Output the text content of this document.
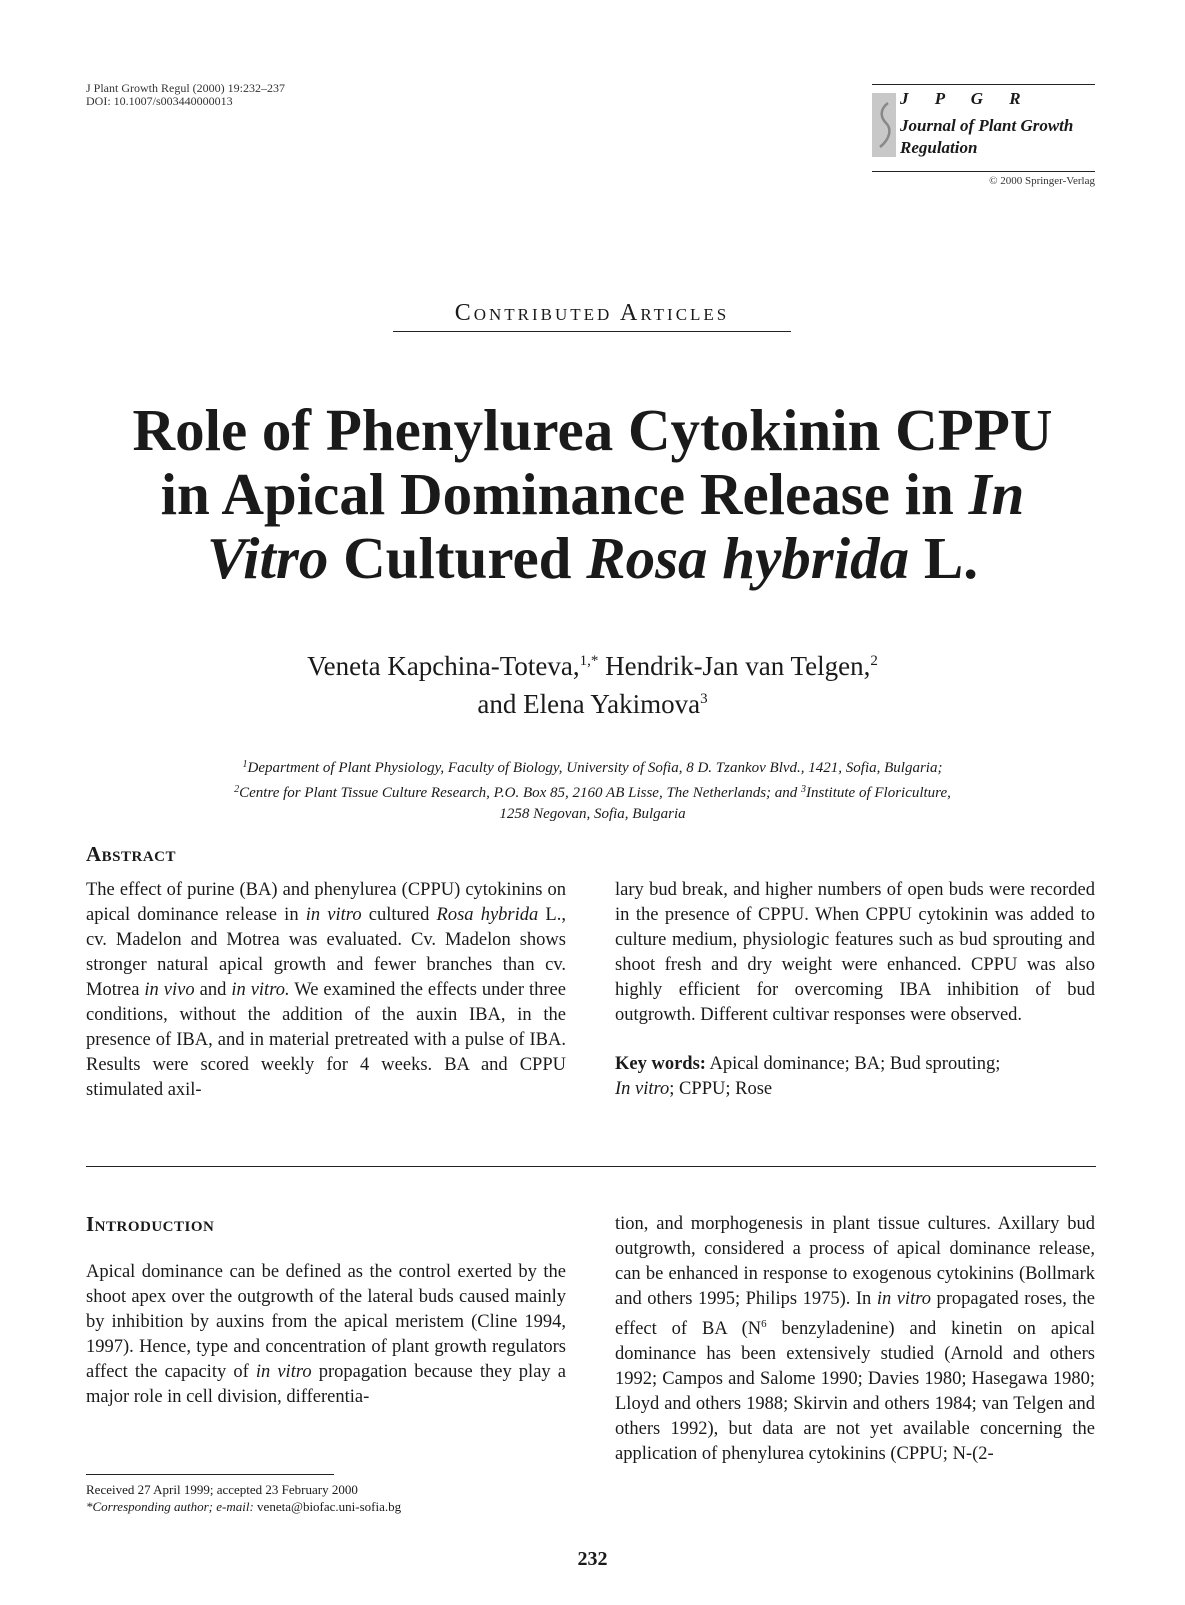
J Plant Growth Regul (2000) 19:232–237
DOI: 10.1007/s003440000013	J P G R
Journal of Plant Growth Regulation
© 2000 Springer-Verlag
Contributed Articles
Role of Phenylurea Cytokinin CPPU
in Apical Dominance Release in In
Vitro Cultured Rosa hybrida L.
Veneta Kapchina-Toteva,$^{1,*}$ Hendrik-Jan van Telgen,$^2$
and Elena Yakimova$^3$
$^1$Department of Plant Physiology, Faculty of Biology, University of Sofia, 8 D. Tzankov Blvd., 1421, Sofia, Bulgaria;
$^2$Centre for Plant Tissue Culture Research, P.O. Box 85, 2160 AB Lisse, The Netherlands; and $^3$Institute of Floriculture,
1258 Negovan, Sofia, Bulgaria
Abstract
The effect of purine (BA) and phenylurea (CPPU) cytokinins on apical dominance release in in vitro cultured Rosa hybrida L., cv. Madelon and Motrea was evaluated. Cv. Madelon shows stronger natural apical growth and fewer branches than cv. Motrea in vivo and in vitro. We examined the effects under three conditions, without the addition of the auxin IBA, in the presence of IBA, and in material pretreated with a pulse of IBA. Results were scored weekly for 4 weeks. BA and CPPU stimulated axil-
lary bud break, and higher numbers of open buds were recorded in the presence of CPPU. When CPPU cytokinin was added to culture medium, physiologic features such as bud sprouting and shoot fresh and dry weight were enhanced. CPPU was also highly efficient for overcoming IBA inhibition of bud outgrowth. Different cultivar responses were observed.
Key words: Apical dominance; BA; Bud sprouting;
In vitro; CPPU; Rose
Introduction
Apical dominance can be defined as the control exerted by the shoot apex over the outgrowth of the lateral buds caused mainly by inhibition by auxins from the apical meristem (Cline 1994, 1997). Hence, type and concentration of plant growth regulators affect the capacity of in vitro propagation because they play a major role in cell division, differentia-
tion, and morphogenesis in plant tissue cultures. Axillary bud outgrowth, considered a process of apical dominance release, can be enhanced in response to exogenous cytokinins (Bollmark and others 1995; Philips 1975). In in vitro propagated roses, the effect of BA ($N^6$ benzyladenine) and kinetin on apical dominance has been extensively studied (Arnold and others 1992; Campos and Salome 1990; Davies 1980; Hasegawa 1980; Lloyd and others 1988; Skirvin and others 1984; van Telgen and others 1992), but data are not yet available concerning the application of phenylurea cytokinins (CPPU; N-(2-
Received 27 April 1999; accepted 23 February 2000
*Corresponding author; e-mail: veneta@biofac.uni-sofia.bg
232
